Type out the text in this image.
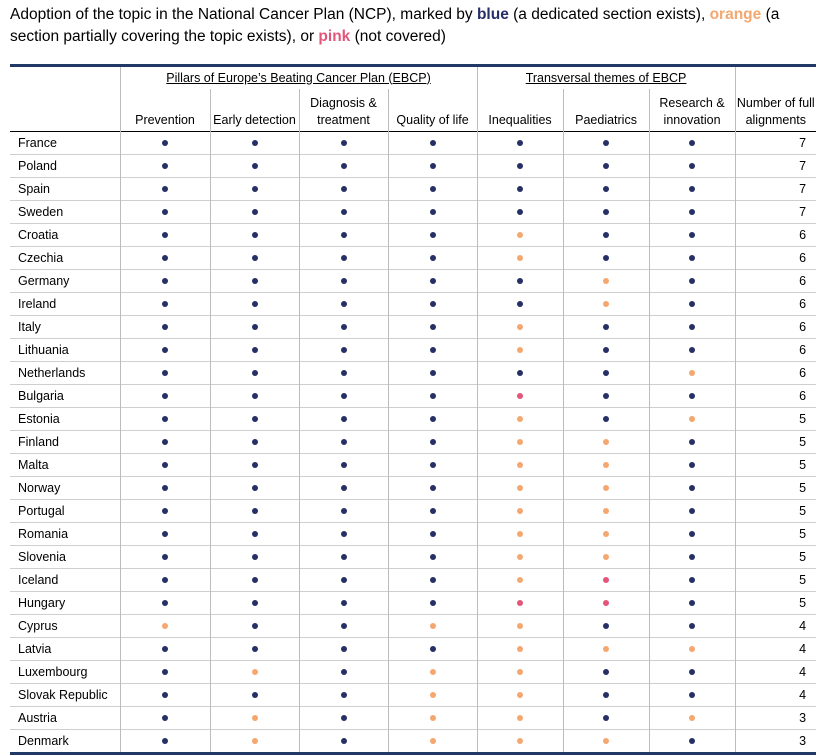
Adoption of the topic in the National Cancer Plan (NCP), marked by blue (a dedicated section exists), orange (a section partially covering the topic exists), or pink (not covered)
	Pillars of Europe’s Beating Cancer Plan (EBCP)				Transversal themes of EBCP			Number of full alignments
	Prevention	Early detection	Diagnosis & treatment	Quality of life	Inequalities	Paediatrics	Research & innovation	
France								7
Poland								7
Spain								7
Sweden								7
Croatia								6
Czechia								6
Germany								6
Ireland								6
Italy								6
Lithuania								6
Netherlands								6
Bulgaria								6
Estonia								5
Finland								5
Malta								5
Norway								5
Portugal								5
Romania								5
Slovenia								5
Iceland								5
Hungary								5
Cyprus								4
Latvia								4
Luxembourg								4
Slovak Republic								4
Austria								3
Denmark								3
